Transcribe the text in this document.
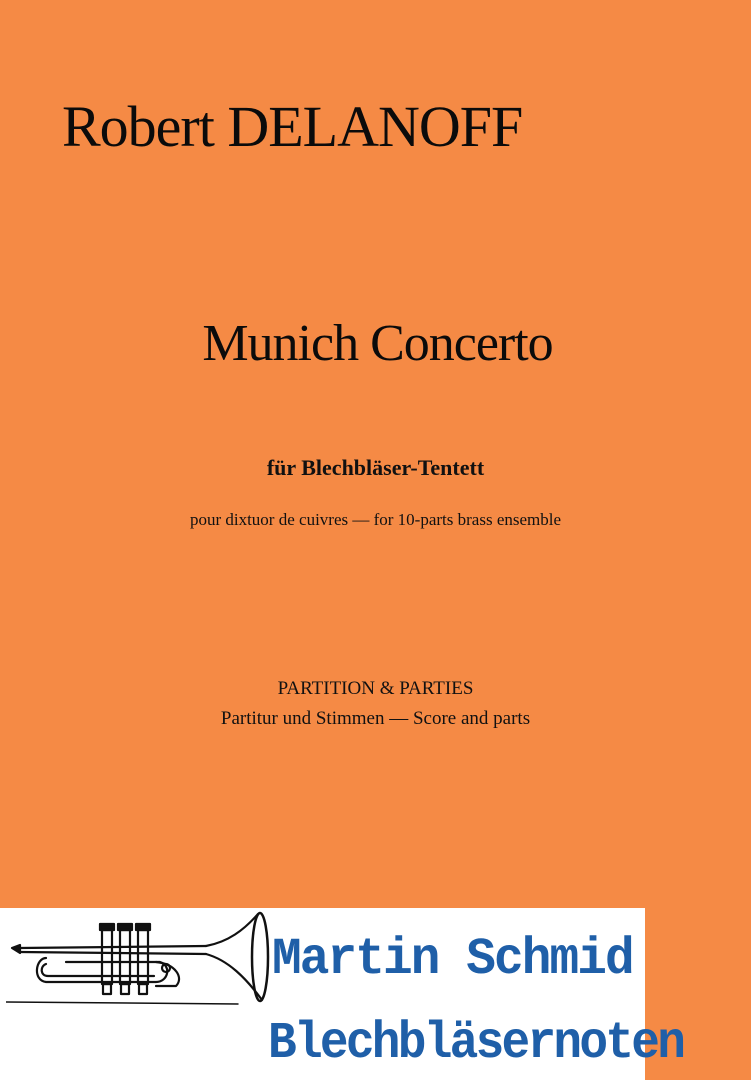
Robert DELANOFF
Munich Concerto
für Blechbläser-Tentett
pour dixtuor de cuivres — for 10-parts brass ensemble
PARTITION & PARTIES
Partitur und Stimmen — Score and parts
Martin Schmid
Blechbläsernoten
